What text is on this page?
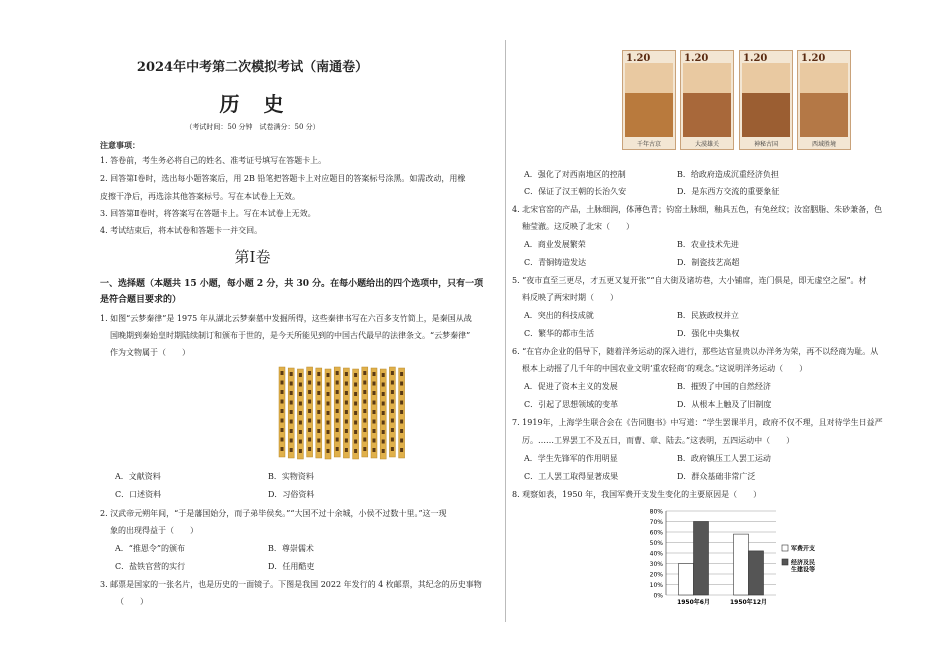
2024年中考第二次模拟考试（南通卷）
历　史
（考试时间：50 分钟　试卷满分：50 分）
注意事项：
1. 答卷前，考生务必将自己的姓名、准考证号填写在答题卡上。
2. 回答第Ⅰ卷时，选出每小题答案后，用 2B 铅笔把答题卡上对应题目的答案标号涂黑。如需改动，用橡
皮擦干净后，再选涂其他答案标号。写在本试卷上无效。
3. 回答第Ⅱ卷时，将答案写在答题卡上。写在本试卷上无效。
4. 考试结束后，将本试卷和答题卡一并交回。
第Ⅰ卷
一、选择题（本题共 15 小题，每小题 2 分，共 30 分。在每小题给出的四个选项中，只有一项
是符合题目要求的）
1. 如图“云梦秦律”是 1975 年从湖北云梦秦墓中发掘所得，这些秦律书写在六百多支竹简上，是秦国从战
国晚期到秦始皇时期陆续制订和颁布于世的，是今天所能见到的中国古代最早的法律条文。“云梦秦律”
作为文物属于（　　）
A．文献资料	B．实物资料
C．口述资料	D．习俗资料
2. 汉武帝元朔年间，“于是藩国始分，而子弟毕侯矣。”“大国不过十余城，小侯不过数十里。”这一现
象的出现得益于（　　）
A．“推恩令”的颁布	B．尊崇儒术
C．盐铁官营的实行	D．任用酷吏
3. 邮票是国家的一张名片，也是历史的一面镜子。下图是我国 2022 年发行的 4 枚邮票，其纪念的历史事物
（　　）
1.20
千年古京
1.20
大漠雄关
1.20
神秘古国
1.20
西域胜境
A．强化了对西南地区的控制	B．给政府造成沉重经济负担
C．保证了汉王朝的长治久安	D．是东西方交流的重要象征
4. 北宋官窑的产品，土脉细润，体薄色青；钧窑土脉细，釉具五色，有兔丝纹；汝窑胭脂、朱砂兼备，色
釉莹澈。这反映了北宋（　　）
A．商业发展繁荣	B．农业技术先进
C．青铜铸造发达	D．制瓷技艺高超
5. “夜市直至三更尽，才五更又复开张”“自大街及诸坊巷，大小铺席，连门俱是，即无虚空之屋”。材
料反映了两宋时期（　　）
A．突出的科技成就	B．民族政权并立
C．繁华的都市生活	D．强化中央集权
6. “在官办企业的倡导下，随着洋务运动的深入进行，那些达官显贵以办洋务为荣，再不以经商为耻。从
根本上动摇了几千年的中国农业文明‘重农轻商’的观念。”这说明洋务运动（　　）
A．促进了资本主义的发展	B．摧毁了中国的自然经济
C．引起了思想领域的变革	D．从根本上触及了旧制度
7. 1919年，上海学生联合会在《告同胞书》中写道：“学生罢课半月，政府不仅不理，且对待学生日益严
厉。……工界罢工不及五日，而曹、章、陆去。”这表明，五四运动中（　　）
A．学生先锋军的作用明显	B．政府镇压工人罢工运动
C．工人罢工取得显著成果	D．群众基础非常广泛
8. 观察如表，1950 年，我国军费开支发生变化的主要原因是（　　）
0%
10%
20%
30%
40%
50%
60%
70%
80%
1950年6月	1950年12月
军费开支
经济及民
生建设等
